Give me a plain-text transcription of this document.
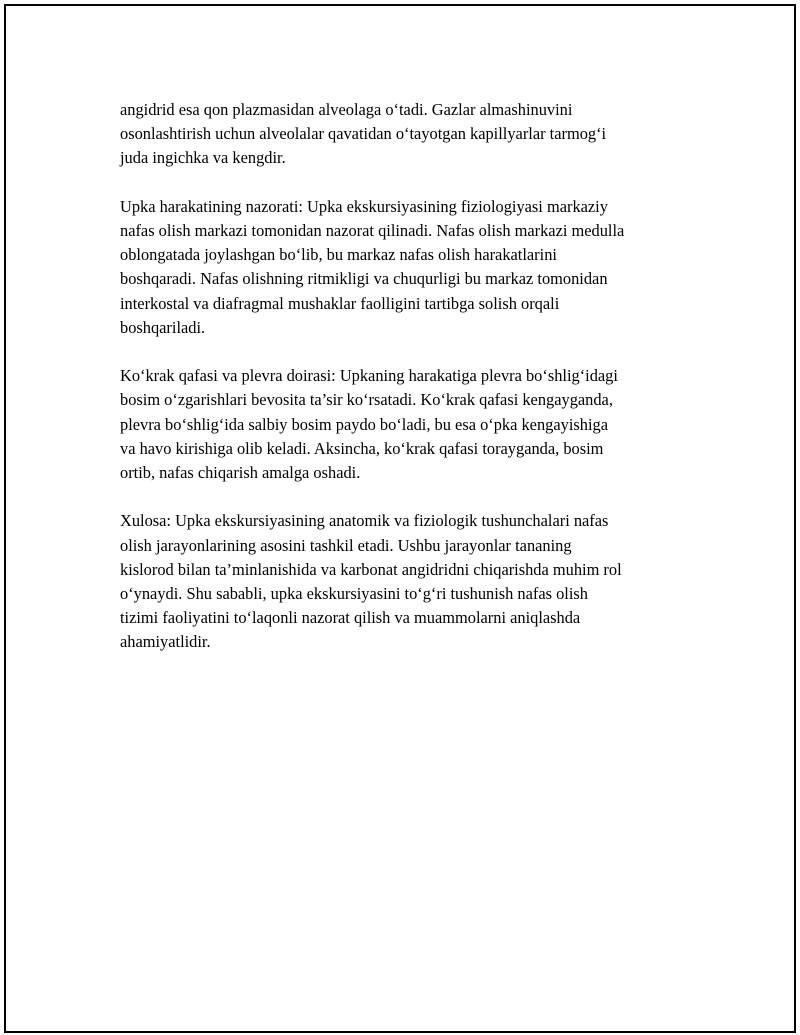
angidrid esa qon plazmasidan alveolaga o‘tadi. Gazlar almashinuvini
osonlashtirish uchun alveolalar qavatidan o‘tayotgan kapillyarlar tarmog‘i
juda ingichka va kengdir.

Upka harakatining nazorati: Upka ekskursiyasining fiziologiyasi markaziy
nafas olish markazi tomonidan nazorat qilinadi. Nafas olish markazi medulla
oblongatada joylashgan bo‘lib, bu markaz nafas olish harakatlarini
boshqaradi. Nafas olishning ritmikligi va chuqurligi bu markaz tomonidan
interkostal va diafragmal mushaklar faolligini tartibga solish orqali
boshqariladi.

Ko‘krak qafasi va plevra doirasi: Upkaning harakatiga plevra bo‘shlig‘idagi
bosim o‘zgarishlari bevosita ta’sir ko‘rsatadi. Ko‘krak qafasi kengayganda,
plevra bo‘shlig‘ida salbiy bosim paydo bo‘ladi, bu esa o‘pka kengayishiga
va havo kirishiga olib keladi. Aksincha, ko‘krak qafasi torayganda, bosim
ortib, nafas chiqarish amalga oshadi.

Xulosa: Upka ekskursiyasining anatomik va fiziologik tushunchalari nafas
olish jarayonlarining asosini tashkil etadi. Ushbu jarayonlar tananing
kislorod bilan ta’minlanishida va karbonat angidridni chiqarishda muhim rol
o‘ynaydi. Shu sababli, upka ekskursiyasini to‘g‘ri tushunish nafas olish
tizimi faoliyatini to‘laqonli nazorat qilish va muammolarni aniqlashda
ahamiyatlidir.
